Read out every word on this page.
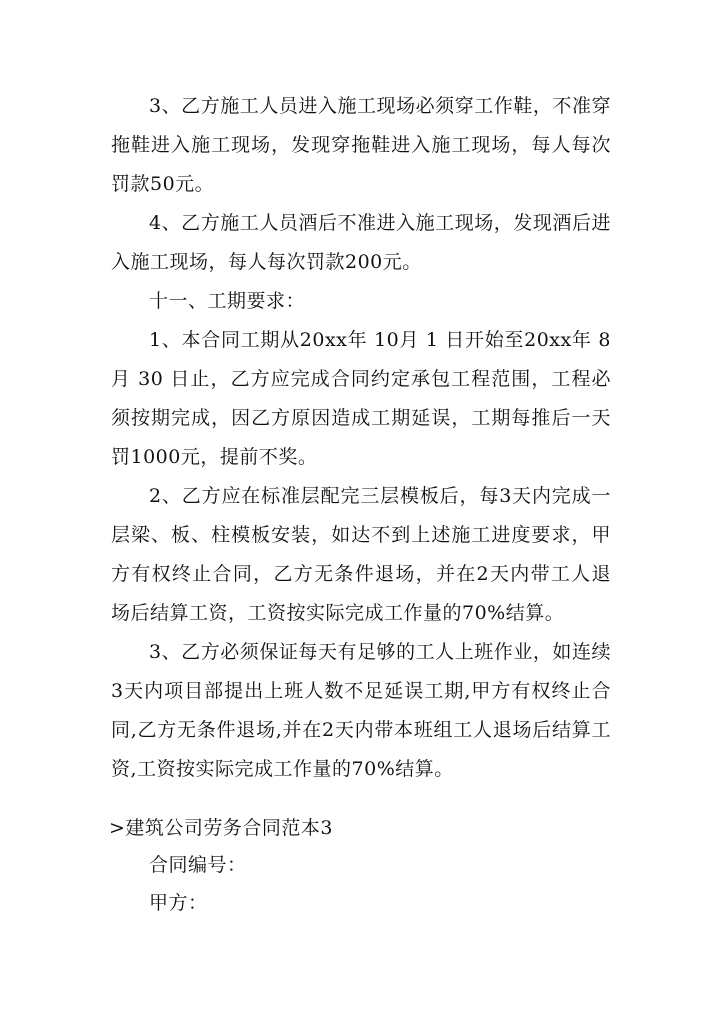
3、乙方施工人员进入施工现场必须穿工作鞋，不准穿拖鞋进入施工现场，发现穿拖鞋进入施工现场，每人每次罚款50元。
4、乙方施工人员酒后不准进入施工现场，发现酒后进入施工现场，每人每次罚款200元。
十一、工期要求：
1、本合同工期从20xx年 10月 1 日开始至20xx年 8 月 30 日止，乙方应完成合同约定承包工程范围，工程必须按期完成，因乙方原因造成工期延误，工期每推后一天罚1000元，提前不奖。
2、乙方应在标准层配完三层模板后，每3天内完成一层梁、板、柱模板安装，如达不到上述施工进度要求，甲方有权终止合同，乙方无条件退场，并在2天内带工人退场后结算工资，工资按实际完成工作量的70%结算。
3、乙方必须保证每天有足够的工人上班作业，如连续3天内项目部提出上班人数不足延误工期,甲方有权终止合同,乙方无条件退场,并在2天内带本班组工人退场后结算工资,工资按实际完成工作量的70%结算。
>建筑公司劳务合同范本3
合同编号：
甲方：
